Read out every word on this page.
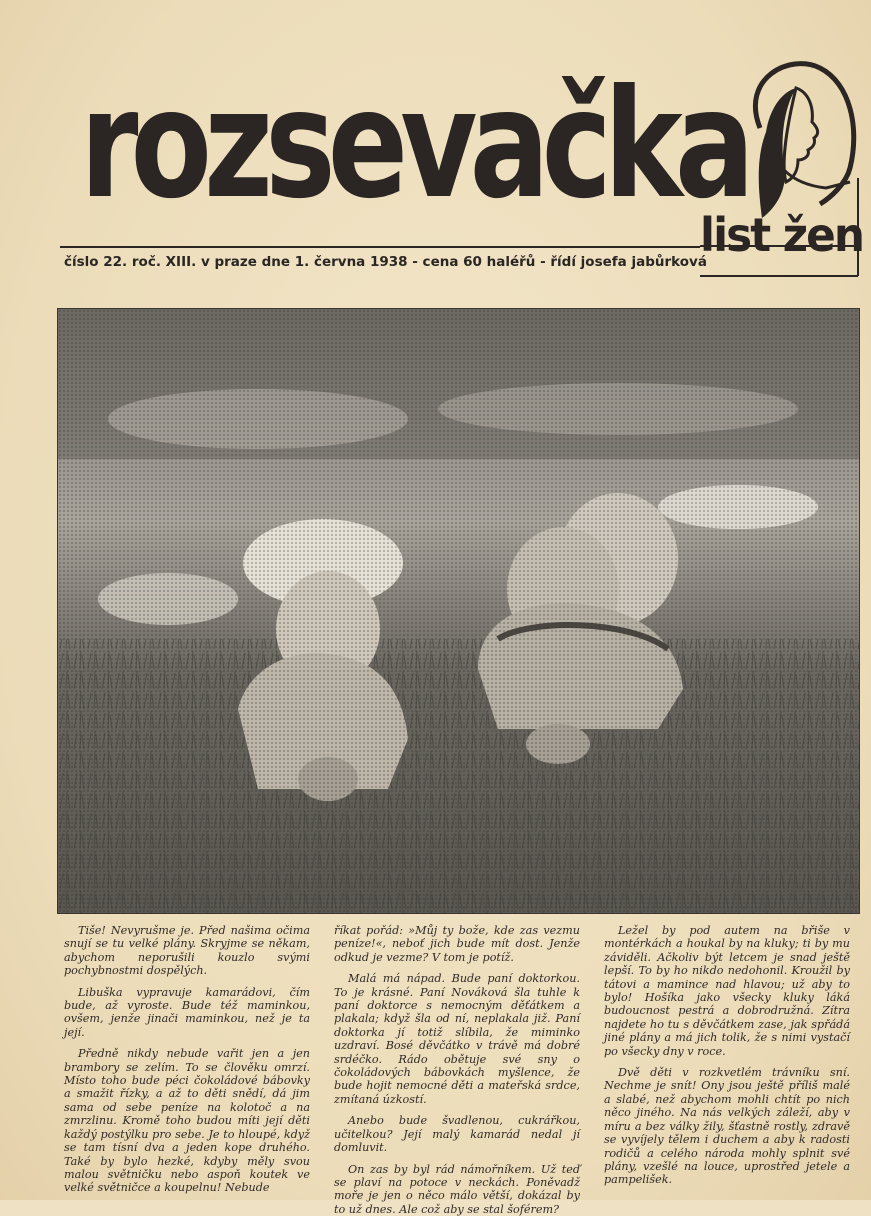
rozsevačka
číslo 22. roč. XIII. v praze dne 1. června 1938 - cena 60 haléřů - řídí josefa jabůrková
list žen

Tiše! Nevyrušme je. Před našima očima snují se tu velké plány. Skryjme se někam, abychom neporušili kouzlo svými pochybnostmi dospělých.

Libuška vypravuje kamarádovi, čím bude, až vyroste. Bude též maminkou, ovšem, jenže jinači maminkou, než je ta její.

Předně nikdy nebude vařit jen a jen brambory se zelím. To se člověku omrzí. Místo toho bude péci čokoládové bábovky a smažit řízky, a až to děti snědí, dá jim sama od sebe peníze na kolotoč a na zmrzlinu. Kromě toho budou míti její děti každý postýlku pro sebe. Je to hloupé, když se tam tísní dva a jeden kope druhého. Také by bylo hezké, kdyby měly svou malou světničku nebo aspoň koutek ve velké světničce a koupelnu! Nebude

říkat pořád: »Můj ty bože, kde zas vezmu peníze!«, neboť jich bude mít dost. Jenže odkud je vezme? V tom je potíž.

Malá má nápad. Bude paní doktorkou. To je krásné. Paní Nováková šla tuhle k paní doktorce s nemocným děťátkem a plakala; když šla od ní, neplakala již. Paní doktorka jí totiž slíbila, že miminko uzdraví. Bosé děvčátko v trávě má dobré srdéčko. Rádo obětuje své sny o čokoládových bábovkách myšlence, že bude hojit nemocné děti a mateřská srdce, zmítaná úzkostí.

Anebo bude švadlenou, cukrářkou, učitelkou? Její malý kamarád nedal jí domluvit.

On zas by byl rád námořníkem. Už teď se plaví na potoce v neckách. Poněvadž moře je jen o něco málo větší, dokázal by to už dnes. Ale což aby se stal šoférem?

Ležel by pod autem na břiše v montérkách a houkal by na kluky; ti by mu záviděli. Ačkoliv být letcem je snad ještě lepší. To by ho nikdo nedohonil. Kroužil by tátovi a mamince nad hlavou; už aby to bylo! Hošíka jako všecky kluky láká budoucnost pestrá a dobrodružná. Zítra najdete ho tu s děvčátkem zase, jak spřádá jiné plány a má jich tolik, že s nimi vystačí po všecky dny v roce.

Dvě děti v rozkvetlém trávníku sní. Nechme je snít! Ony jsou ještě příliš malé a slabé, než abychom mohli chtít po nich něco jiného. Na nás velkých záleží, aby v míru a bez války žily, šťastně rostly, zdravě se vyvíjely tělem i duchem a aby k radosti rodičů a celého národa mohly splnit své plány, vzešlé na louce, uprostřed jetele a pampelišek.
